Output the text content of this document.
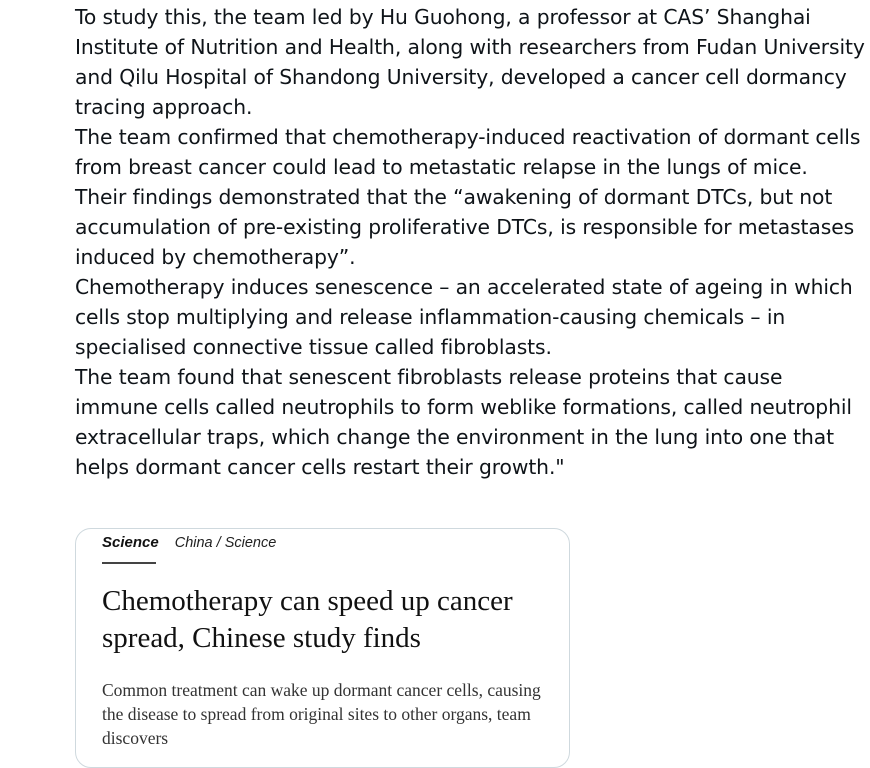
To study this, the team led by Hu Guohong, a professor at CAS’ Shanghai Institute of Nutrition and Health, along with researchers from Fudan University and Qilu Hospital of Shandong University, developed a cancer cell dormancy tracing approach.

The team confirmed that chemotherapy-induced reactivation of dormant cells from breast cancer could lead to metastatic relapse in the lungs of mice.

Their findings demonstrated that the “awakening of dormant DTCs, but not accumulation of pre-existing proliferative DTCs, is responsible for metastases induced by chemotherapy”.

Chemotherapy induces senescence – an accelerated state of ageing in which cells stop multiplying and release inflammation-causing chemicals – in specialised connective tissue called fibroblasts.

The team found that senescent fibroblasts release proteins that cause immune cells called neutrophils to form weblike formations, called neutrophil extracellular traps, which change the environment in the lung into one that helps dormant cancer cells restart their growth."

Science China / Science
Chemotherapy can speed up cancer spread, Chinese study finds

Common treatment can wake up dormant cancer cells, causing the disease to spread from original sites to other organs, team discovers
